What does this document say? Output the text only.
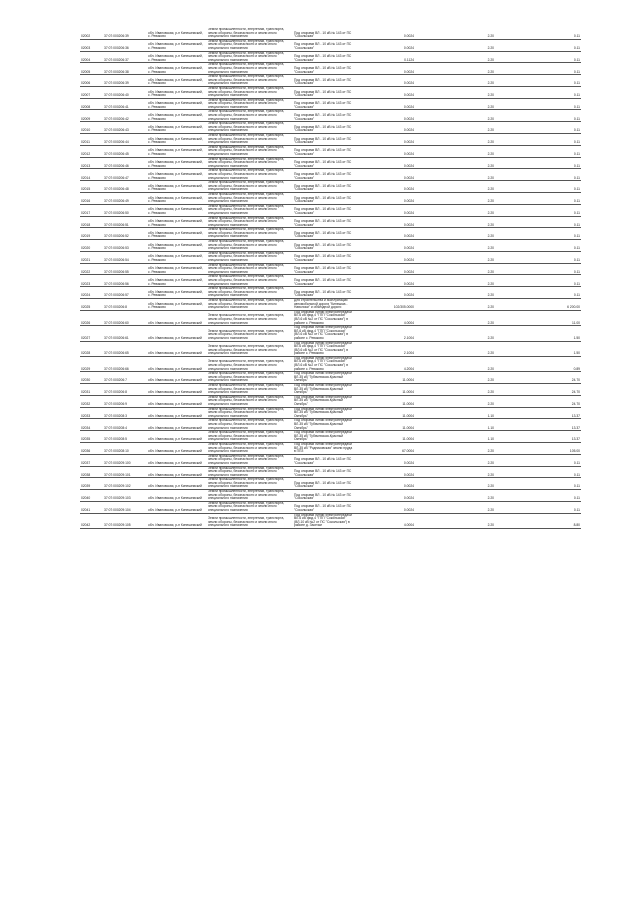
02002	37:07:000206:39	обл. Ивановская, р-н Кинешемский, с. Реваково	Земли промышленности, энергетики, транспорта, земли обороны, безопасности и земли иного специального назначения	Под опорами ВЛ - 10 кВ № 143 от ПС "Сокольская"	0.0024	2.20	0.11
02003	37:07:000206:36	обл. Ивановская, р-н Кинешемский, с. Реваково	Земли промышленности, энергетики, транспорта, земли обороны, безопасности и земли иного специального назначения	Под опорами ВЛ - 10 кВ № 143 от ПС "Сокольская"	0.0024	2.20	0.11
02004	37:07:000206:37	обл. Ивановская, р-н Кинешемский, с. Реваково	Земли промышленности, энергетики, транспорта, земли обороны, безопасности и земли иного специального назначения	Под опорами ВЛ - 10 кВ № 143 от ПС "Сокольская"	0.1124	2.20	0.11
02005	37:07:000206:38	обл. Ивановская, р-н Кинешемский, с. Реваково	Земли промышленности, энергетики, транспорта, земли обороны, безопасности и земли иного специального назначения	Под опорами ВЛ - 10 кВ № 143 от ПС "Сокольская"	0.0024	2.20	0.11
02006	37:07:000206:39	обл. Ивановская, р-н Кинешемский, с. Реваково	Земли промышленности, энергетики, транспорта, земли обороны, безопасности и земли иного специального назначения	Под опорами ВЛ - 10 кВ № 143 от ПС "Сокольская"	0.0024	2.20	0.11
02007	37:07:000206:40	обл. Ивановская, р-н Кинешемский, с. Реваково	Земли промышленности, энергетики, транспорта, земли обороны, безопасности и земли иного специального назначения	Под опорами ВЛ - 10 кВ № 143 от ПС "Сокольская"	0.0024	2.20	0.11
02008	37:07:000206:41	обл. Ивановская, р-н Кинешемский, с. Реваково	Земли промышленности, энергетики, транспорта, земли обороны, безопасности и земли иного специального назначения	Под опорами ВЛ - 10 кВ № 143 от ПС "Сокольская"	0.0024	2.20	0.11
02009	37:07:000206:42	обл. Ивановская, р-н Кинешемский, с. Реваково	Земли промышленности, энергетики, транспорта, земли обороны, безопасности и земли иного специального назначения	Под опорами ВЛ - 10 кВ № 143 от ПС "Сокольская"	0.0024	2.20	0.11
02010	37:07:000206:43	обл. Ивановская, р-н Кинешемский, с. Реваково	Земли промышленности, энергетики, транспорта, земли обороны, безопасности и земли иного специального назначения	Под опорами ВЛ - 10 кВ № 143 от ПС "Сокольская"	0.0024	2.20	0.11
02011	37:07:000206:44	обл. Ивановская, р-н Кинешемский, с. Реваково	Земли промышленности, энергетики, транспорта, земли обороны, безопасности и земли иного специального назначения	Под опорами ВЛ - 10 кВ № 143 от ПС "Сокольская"	0.0024	2.20	0.11
02012	37:07:000206:45	обл. Ивановская, р-н Кинешемский, с. Реваково	Земли промышленности, энергетики, транспорта, земли обороны, безопасности и земли иного специального назначения	Под опорами ВЛ - 10 кВ № 143 от ПС "Сокольская"	0.0024	2.20	0.11
02013	37:07:000206:46	обл. Ивановская, р-н Кинешемский, с. Реваково	Земли промышленности, энергетики, транспорта, земли обороны, безопасности и земли иного специального назначения	Под опорами ВЛ - 10 кВ № 143 от ПС "Сокольская"	0.0024	2.20	0.11
02014	37:07:000206:47	обл. Ивановская, р-н Кинешемский, с. Реваково	Земли промышленности, энергетики, транспорта, земли обороны, безопасности и земли иного специального назначения	Под опорами ВЛ - 10 кВ № 143 от ПС "Сокольская"	0.0024	2.20	0.11
02015	37:07:000206:48	обл. Ивановская, р-н Кинешемский, с. Реваково	Земли промышленности, энергетики, транспорта, земли обороны, безопасности и земли иного специального назначения	Под опорами ВЛ - 10 кВ № 143 от ПС "Сокольская"	0.0024	2.20	0.11
02016	37:07:000206:49	обл. Ивановская, р-н Кинешемский, с. Реваково	Земли промышленности, энергетики, транспорта, земли обороны, безопасности и земли иного специального назначения	Под опорами ВЛ - 10 кВ № 143 от ПС "Сокольская"	0.0024	2.20	0.11
02017	37:07:000206:50	обл. Ивановская, р-н Кинешемский, с. Реваково	Земли промышленности, энергетики, транспорта, земли обороны, безопасности и земли иного специального назначения	Под опорами ВЛ - 10 кВ № 143 от ПС "Сокольская"	0.0024	2.20	0.11
02018	37:07:000206:51	обл. Ивановская, р-н Кинешемский, с. Реваково	Земли промышленности, энергетики, транспорта, земли обороны, безопасности и земли иного специального назначения	Под опорами ВЛ - 10 кВ № 143 от ПС "Сокольская"	0.0024	2.20	0.11
02019	37:07:000206:52	обл. Ивановская, р-н Кинешемский, с. Реваково	Земли промышленности, энергетики, транспорта, земли обороны, безопасности и земли иного специального назначения	Под опорами ВЛ - 10 кВ № 143 от ПС "Сокольская"	0.0024	2.20	0.11
02020	37:07:000206:53	обл. Ивановская, р-н Кинешемский, с. Реваково	Земли промышленности, энергетики, транспорта, земли обороны, безопасности и земли иного специального назначения	Под опорами ВЛ - 10 кВ № 143 от ПС "Сокольская"	0.0024	2.20	0.11
02021	37:07:000206:54	обл. Ивановская, р-н Кинешемский, с. Реваково	Земли промышленности, энергетики, транспорта, земли обороны, безопасности и земли иного специального назначения	Под опорами ВЛ - 10 кВ № 143 от ПС "Сокольская"	0.0024	2.20	0.11
02022	37:07:000206:55	обл. Ивановская, р-н Кинешемский, с. Реваково	Земли промышленности, энергетики, транспорта, земли обороны, безопасности и земли иного специального назначения	Под опорами ВЛ - 10 кВ № 143 от ПС "Сокольская"	0.0024	2.20	0.11
02023	37:07:000206:56	обл. Ивановская, р-н Кинешемский, с. Реваково	Земли промышленности, энергетики, транспорта, земли обороны, безопасности и земли иного специального назначения	Под опорами ВЛ - 10 кВ № 143 от ПС "Сокольская"	0.0024	2.20	0.11
02024	37:07:000206:57	обл. Ивановская, р-н Кинешемский, с. Реваково	Земли промышленности, энергетики, транспорта, земли обороны, безопасности и земли иного специального назначения	Под опорами ВЛ - 10 кВ № 143 от ПС "Сокольская"	0.0024	2.20	0.11
02025	37:07:000206:8	обл. Ивановская, р-н Кинешемский, с. Реваково	Земли промышленности, энергетики, транспорта, земли обороны, безопасности и земли иного специального назначения	Для строительства и эксплуатации автомобильной дороги "Кинешма - Наволоки" и объездной дороги	102/305.0000	2.20	6 200.00
02026	37:07:000206:60	обл. Ивановская, р-н Кинешемский	Земли промышленности, энергетики, транспорта, земли обороны, безопасности и земли иного специального назначения	Под опорами линии электропередачи ВЛ-6 кВ фид.4 "ГПП "Сокольская" (ВЛ-6 кВ №2 от ПС "Сокольская") в районе с. Реваково	4.0004	2.20	11.00
02027	37:07:000206:61	обл. Ивановская, р-н Кинешемский	Земли промышленности, энергетики, транспорта, земли обороны, безопасности и земли иного специального назначения	Под опорами линии электропередачи ВЛ-6 кВ фид.4 "ГПП "Сокольская" (ВЛ-6 кВ №2 от ПС "Сокольская") в районе с. Реваково	2.1004	2.20	1.50
02028	37:07:000206:65	обл. Ивановская, р-н Кинешемский	Земли промышленности, энергетики, транспорта, земли обороны, безопасности и земли иного специального назначения	Под опорами линии электропередачи ВЛ-6 кВ фид.4 "ГПП "Сокольская" (ВЛ-6 кВ №2 от ПС "Сокольская") в районе с. Реваково	2.1004	2.20	1.50
02029	37:07:000206:66	обл. Ивановская, р-н Кинешемский	Земли промышленности, энергетики, транспорта, земли обороны, безопасности и земли иного специального назначения	Под опорами линии электропередачи ВЛ-6 кВ фид.4 "ГПП "Сокольская" (ВЛ-6 кВ №2 от ПС "Сокольская") в районе с. Реваково	4.2004	2.20	0.89
02030	37:07:000206:7	обл. Ивановская, р-н Кинешемский	Земли промышленности, энергетики, транспорта, земли обороны, безопасности и земли иного специального назначения	Под опорами линии электропередачи ВЛ-35 кВ "Губачевская-Красный Октябрь"	11.0004	2.20	24.70
02031	37:07:000206:8	обл. Ивановская, р-н Кинешемский	Земли промышленности, энергетики, транспорта, земли обороны, безопасности и земли иного специального назначения	Под опорами линии электропередачи ВЛ-35 кВ "Губачевская-Красный Октябрь"	11.0004	2.20	24.70
02032	37:07:000206:9	обл. Ивановская, р-н Кинешемский	Земли промышленности, энергетики, транспорта, земли обороны, безопасности и земли иного специального назначения	Под опорами линии электропередачи ВЛ-35 кВ "Губачевская-Красный Октябрь"	11.0004	2.20	24.70
02033	37:07:000208:3	обл. Ивановская, р-н Кинешемский	Земли промышленности, энергетики, транспорта, земли обороны, безопасности и земли иного специального назначения	Под опорами линии электропередачи ВЛ-35 кВ "Губачевская-Красный Октябрь"	11.0004	1.10	13.37
02034	37:07:000208:4	обл. Ивановская, р-н Кинешемский	Земли промышленности, энергетики, транспорта, земли обороны, безопасности и земли иного специального назначения	Под опорами линии электропередачи ВЛ-35 кВ "Губачевская-Красный Октябрь"	11.0004	1.10	13.37
02035	37:07:000208:5	обл. Ивановская, р-н Кинешемский	Земли промышленности, энергетики, транспорта, земли обороны, безопасности и земли иного специального назначения	Под опорами линии электропередачи ВЛ-35 кВ "Губачевская-Красный Октябрь"	11.0004	1.10	13.37
02036	37:07:000208:10	обл. Ивановская, р-н Кинешемский	Земли промышленности, энергетики, транспорта, земли обороны, безопасности и земли иного специального назначения	Под опорами линии электропередачи ВЛ-35 кВ "Родниковская" земли пруда в ППЗ	67.0004	2.20	105.00
02037	37:07:000209:100	обл. Ивановская, р-н Кинешемский	Земли промышленности, энергетики, транспорта, земли обороны, безопасности и земли иного специального назначения	Под опорами ВЛ - 10 кВ № 143 от ПС "Сокольская"	0.0024	2.20	0.11
02038	37:07:000209:101	обл. Ивановская, р-н Кинешемский	Земли промышленности, энергетики, транспорта, земли обороны, безопасности и земли иного специального назначения	Под опорами ВЛ - 10 кВ № 143 от ПС "Сокольская"	0.0024	2.20	0.11
02039	37:07:000209:102	обл. Ивановская, р-н Кинешемский	Земли промышленности, энергетики, транспорта, земли обороны, безопасности и земли иного специального назначения	Под опорами ВЛ - 10 кВ № 143 от ПС "Сокольская"	0.0024	2.20	0.11
02040	37:07:000209:103	обл. Ивановская, р-н Кинешемский	Земли промышленности, энергетики, транспорта, земли обороны, безопасности и земли иного специального назначения	Под опорами ВЛ - 10 кВ № 143 от ПС "Сокольская"	0.0024	2.20	0.11
02041	37:07:000209:104	обл. Ивановская, р-н Кинешемский	Земли промышленности, энергетики, транспорта, земли обороны, безопасности и земли иного специального назначения	Под опорами ВЛ - 10 кВ № 143 от ПС "Сокольская"	0.0024	2.20	0.11
02042	37:07:000209:105	обл. Ивановская, р-н Кинешемский	Земли промышленности, энергетики, транспорта, земли обороны, безопасности и земли иного специального назначения	Под опорами линии электропередачи ВЛ-6 кВ фид.4 "ГПП "Сокольская" (ВЛ-10 кВ №2 от ПС "Сокольская") в районе д. Засечье	4.0004	2.20	8.80
